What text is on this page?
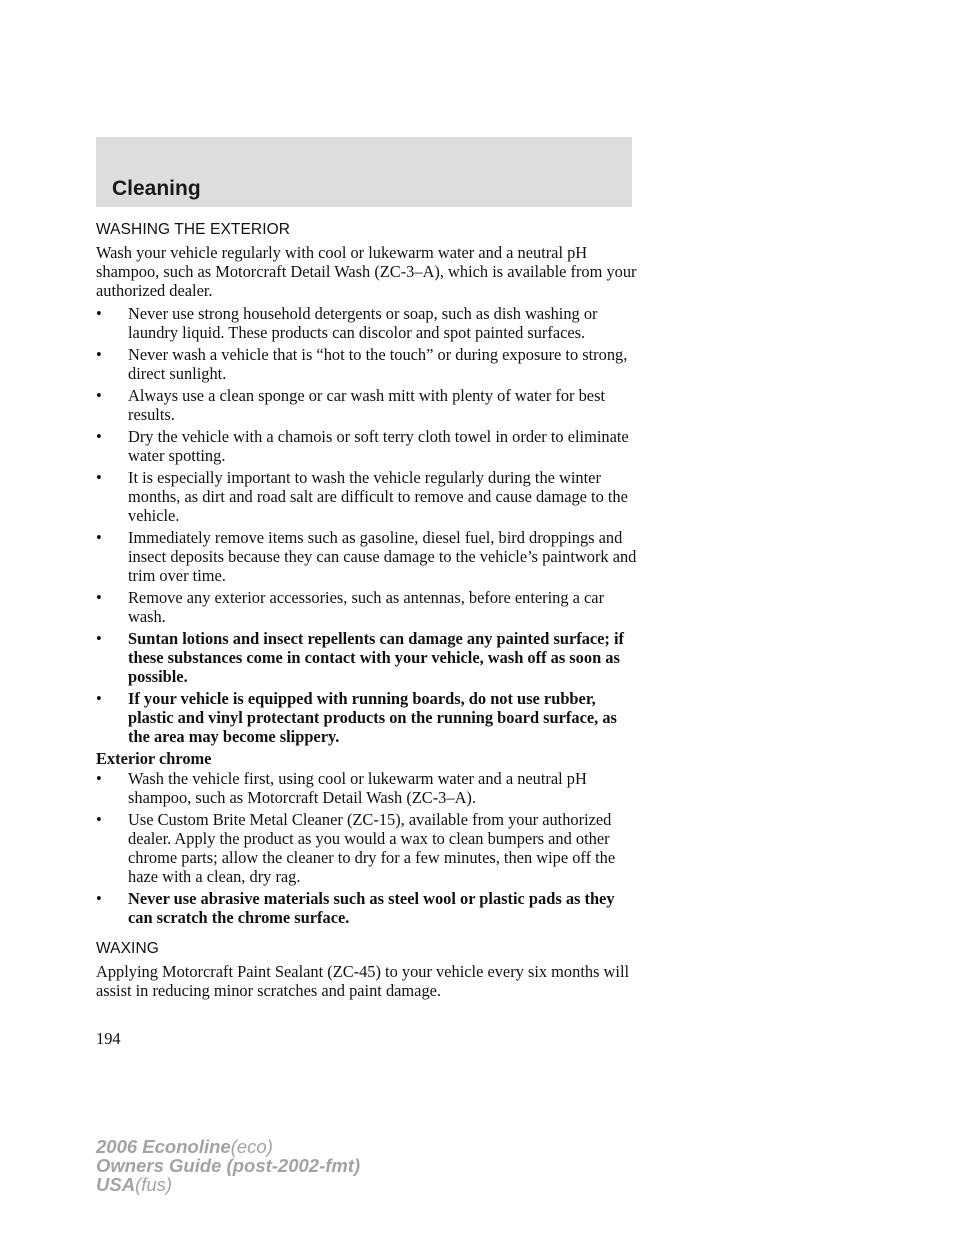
Cleaning
WASHING THE EXTERIOR

Wash your vehicle regularly with cool or lukewarm water and a neutral pH shampoo, such as Motorcraft Detail Wash (ZC-3–A), which is available from your authorized dealer.

•	Never use strong household detergents or soap, such as dish washing or laundry liquid. These products can discolor and spot painted surfaces.
•	Never wash a vehicle that is “hot to the touch” or during exposure to strong, direct sunlight.
•	Always use a clean sponge or car wash mitt with plenty of water for best results.
•	Dry the vehicle with a chamois or soft terry cloth towel in order to eliminate water spotting.
•	It is especially important to wash the vehicle regularly during the winter months, as dirt and road salt are difficult to remove and cause damage to the vehicle.
•	Immediately remove items such as gasoline, diesel fuel, bird droppings and insect deposits because they can cause damage to the vehicle’s paintwork and trim over time.
•	Remove any exterior accessories, such as antennas, before entering a car wash.
•	Suntan lotions and insect repellents can damage any painted surface; if these substances come in contact with your vehicle, wash off as soon as possible.
•	If your vehicle is equipped with running boards, do not use rubber, plastic and vinyl protectant products on the running board surface, as the area may become slippery.
Exterior chrome
•	Wash the vehicle first, using cool or lukewarm water and a neutral pH shampoo, such as Motorcraft Detail Wash (ZC-3–A).
•	Use Custom Brite Metal Cleaner (ZC-15), available from your authorized dealer. Apply the product as you would a wax to clean bumpers and other chrome parts; allow the cleaner to dry for a few minutes, then wipe off the haze with a clean, dry rag.
•	Never use abrasive materials such as steel wool or plastic pads as they can scratch the chrome surface.
WAXING

Applying Motorcraft Paint Sealant (ZC-45) to your vehicle every six months will assist in reducing minor scratches and paint damage.

194
2006 Econoline(eco)
Owners Guide (post-2002-fmt)
USA(fus)
